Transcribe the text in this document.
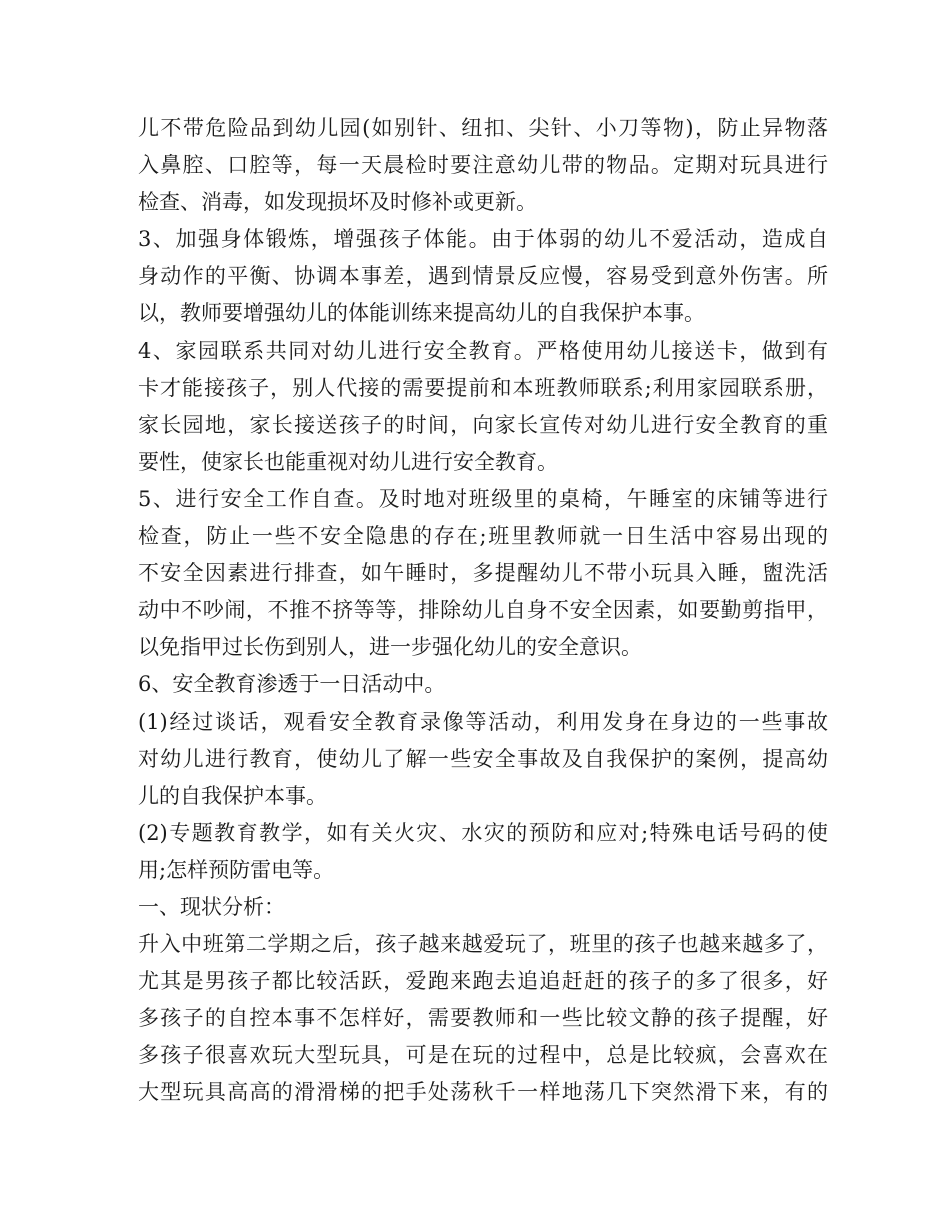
儿不带危险品到幼儿园(如别针、纽扣、尖针、小刀等物)，防止异物落
入鼻腔、口腔等，每一天晨检时要注意幼儿带的物品。定期对玩具进行
检查、消毒，如发现损坏及时修补或更新。
3、加强身体锻炼，增强孩子体能。由于体弱的幼儿不爱活动，造成自
身动作的平衡、协调本事差，遇到情景反应慢，容易受到意外伤害。所
以，教师要增强幼儿的体能训练来提高幼儿的自我保护本事。
4、家园联系共同对幼儿进行安全教育。严格使用幼儿接送卡，做到有
卡才能接孩子，别人代接的需要提前和本班教师联系;利用家园联系册，
家长园地，家长接送孩子的时间，向家长宣传对幼儿进行安全教育的重
要性，使家长也能重视对幼儿进行安全教育。
5、进行安全工作自查。及时地对班级里的桌椅，午睡室的床铺等进行
检查，防止一些不安全隐患的存在;班里教师就一日生活中容易出现的
不安全因素进行排查，如午睡时，多提醒幼儿不带小玩具入睡，盥洗活
动中不吵闹，不推不挤等等，排除幼儿自身不安全因素，如要勤剪指甲，
以免指甲过长伤到别人，进一步强化幼儿的安全意识。
6、安全教育渗透于一日活动中。
(1)经过谈话，观看安全教育录像等活动，利用发身在身边的一些事故
对幼儿进行教育，使幼儿了解一些安全事故及自我保护的案例，提高幼
儿的自我保护本事。
(2)专题教育教学，如有关火灾、水灾的预防和应对;特殊电话号码的使
用;怎样预防雷电等。
一、现状分析：
升入中班第二学期之后，孩子越来越爱玩了，班里的孩子也越来越多了，
尤其是男孩子都比较活跃，爱跑来跑去追追赶赶的孩子的多了很多，好
多孩子的自控本事不怎样好，需要教师和一些比较文静的孩子提醒，好
多孩子很喜欢玩大型玩具，可是在玩的过程中，总是比较疯，会喜欢在
大型玩具高高的滑滑梯的把手处荡秋千一样地荡几下突然滑下来，有的
